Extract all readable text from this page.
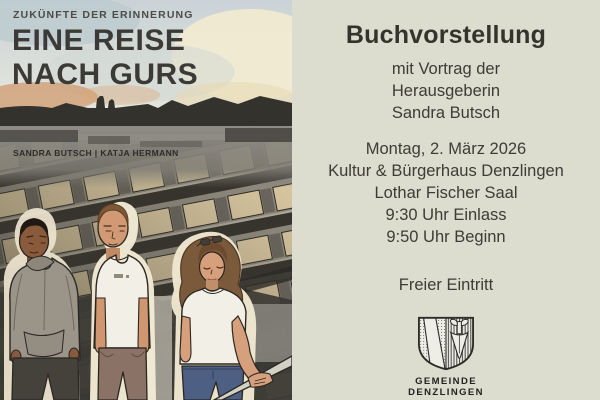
ZUKÜNFTE DER ERINNERUNG
EINE REISE
NACH GURS
SANDRA BUTSCH | KATJA HERMANN
Buchvorstellung
mit Vortrag der
Herausgeberin
Sandra Butsch
Montag, 2. März 2026
Kultur & Bürgerhaus Denzlingen
Lothar Fischer Saal
9:30 Uhr Einlass
9:50 Uhr Beginn
Freier Eintritt
GEMEINDE
DENZLINGEN
